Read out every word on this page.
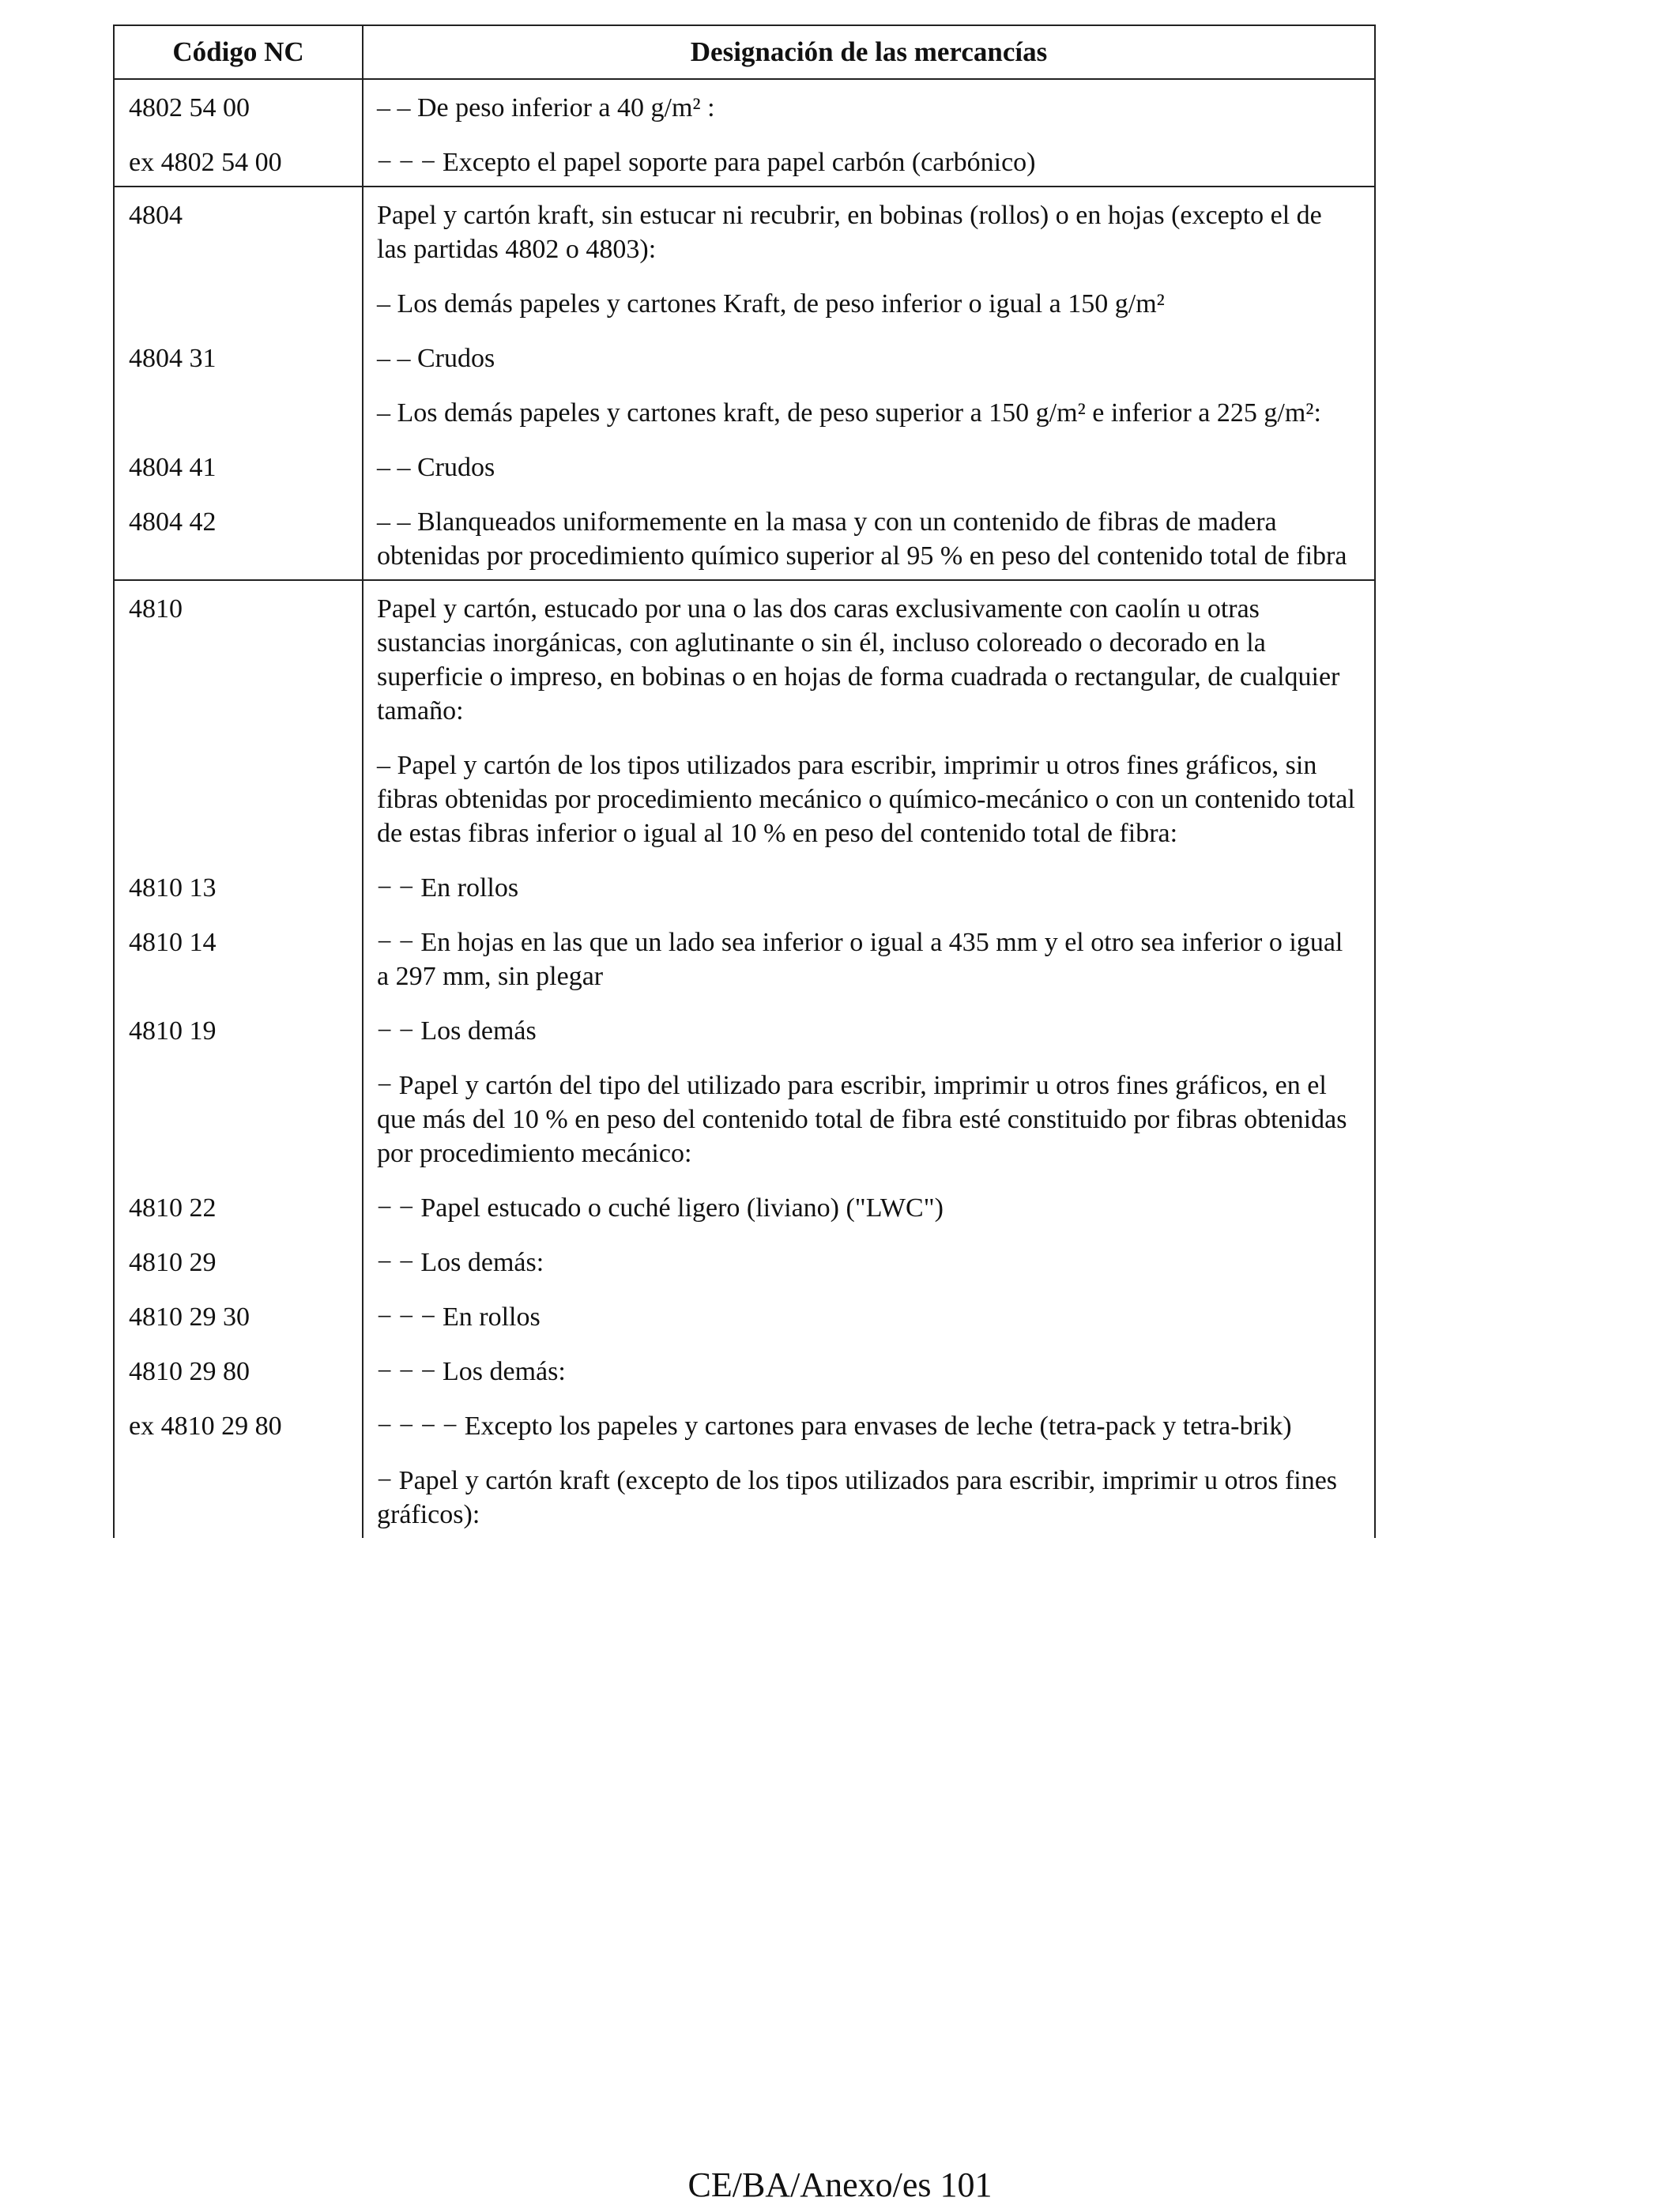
Código NC	Designación de las mercancías
4802 54 00	– – De peso inferior a 40 g/m² :
ex 4802 54 00	− − − Excepto el papel soporte para papel carbón (carbónico)
4804	Papel y cartón kraft, sin estucar ni recubrir, en bobinas (rollos) o en hojas (excepto el de las partidas 4802 o 4803):
– Los demás papeles y cartones Kraft, de peso inferior o igual a 150 g/m²
4804 31	– – Crudos
– Los demás papeles y cartones kraft, de peso superior a 150 g/m² e inferior a 225 g/m²:
4804 41	– – Crudos
4804 42	– – Blanqueados uniformemente en la masa y con un contenido de fibras de madera obtenidas por procedimiento químico superior al 95 % en peso del contenido total de fibra
4810	Papel y cartón, estucado por una o las dos caras exclusivamente con caolín u otras sustancias inorgánicas, con aglutinante o sin él, incluso coloreado o decorado en la superficie o impreso, en bobinas o en hojas de forma cuadrada o rectangular, de cualquier tamaño:
– Papel y cartón de los tipos utilizados para escribir, imprimir u otros fines gráficos, sin fibras obtenidas por procedimiento mecánico o químico-mecánico o con un contenido total de estas fibras inferior o igual al 10 % en peso del contenido total de fibra:
4810 13	− − En rollos
4810 14	− − En hojas en las que un lado sea inferior o igual a 435 mm y el otro sea inferior o igual a 297 mm, sin plegar
4810 19	− − Los demás
− Papel y cartón del tipo del utilizado para escribir, imprimir u otros fines gráficos, en el que más del 10 % en peso del contenido total de fibra esté constituido por fibras obtenidas por procedimiento mecánico:
4810 22	− − Papel estucado o cuché ligero (liviano) ("LWC")
4810 29	− − Los demás:
4810 29 30	− − − En rollos
4810 29 80	− − − Los demás:
ex 4810 29 80	− − − − Excepto los papeles y cartones para envases de leche (tetra-pack y tetra-brik)
− Papel y cartón kraft (excepto de los tipos utilizados para escribir, imprimir u otros fines gráficos):
CE/BA/Anexo/es 101
